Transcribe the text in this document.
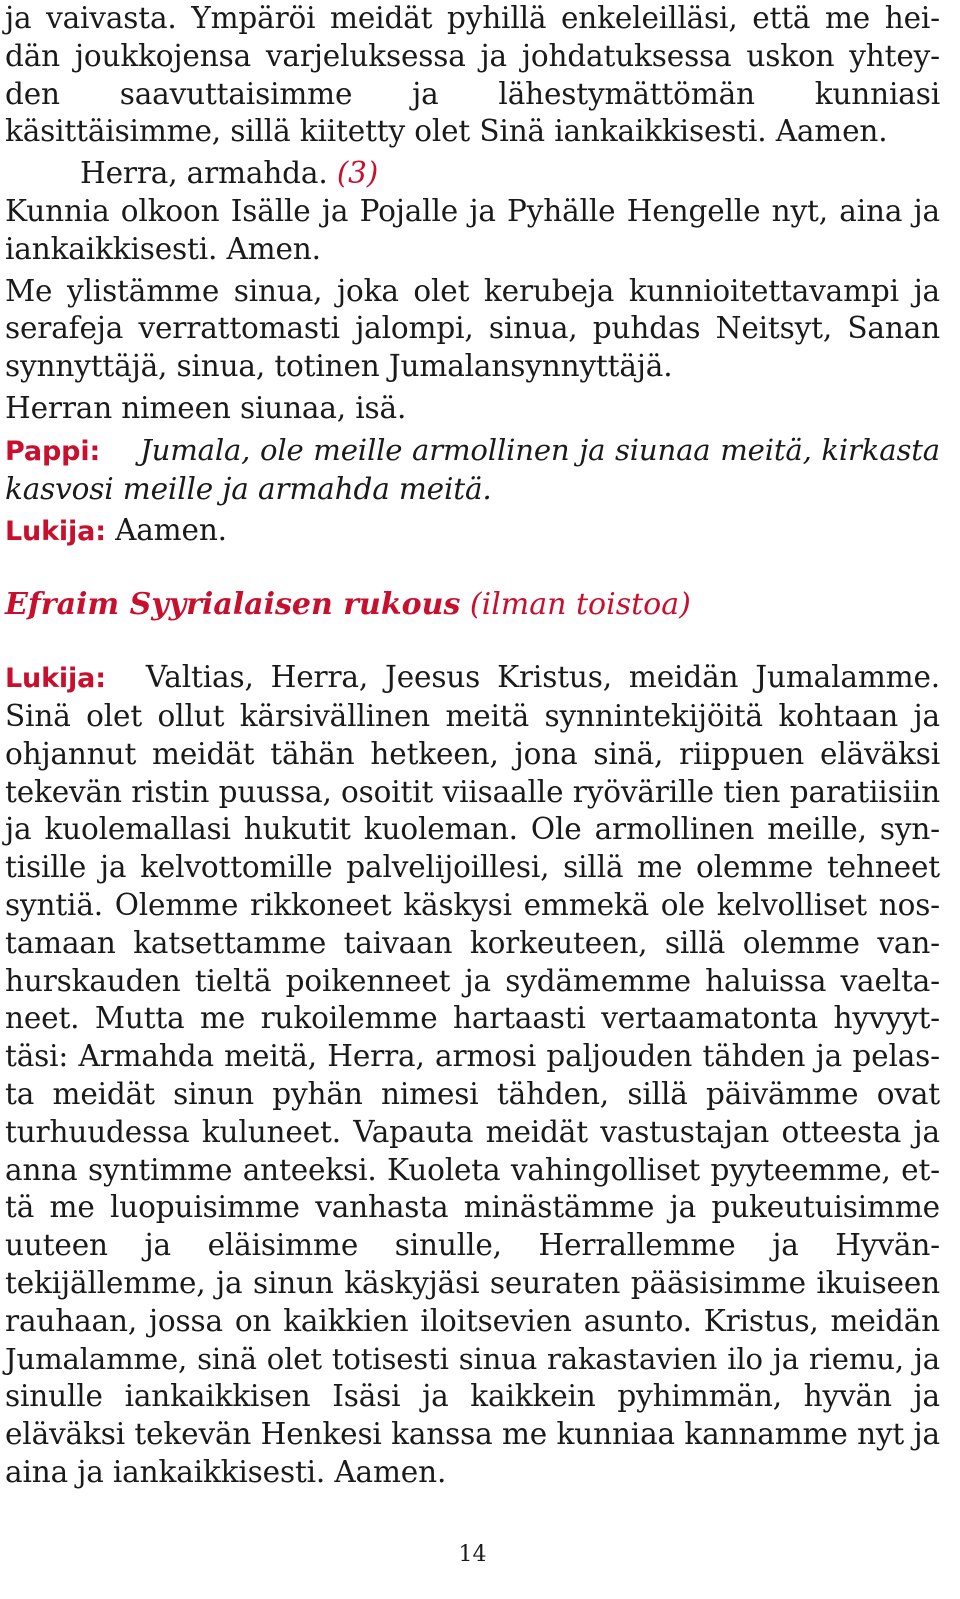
ja vaivasta. Ympäröi meidät pyhillä enkeleilläsi, että me hei-
dän joukkojensa varjeluksessa ja johdatuksessa uskon yhtey-
den saavuttaisimme ja lähestymättömän kunniasi
käsittäisimme, sillä kiitetty olet Sinä iankaikkisesti. Aamen.
Herra, armahda. (3)
Kunnia olkoon Isälle ja Pojalle ja Pyhälle Hengelle nyt, aina ja
iankaikkisesti. Amen.
Me ylistämme sinua, joka olet kerubeja kunnioitettavampi ja
serafeja verrattomasti jalompi, sinua, puhdas Neitsyt, Sanan
synnyttäjä, sinua, totinen Jumalansynnyttäjä.
Herran nimeen siunaa, isä.
Pappi: Jumala, ole meille armollinen ja siunaa meitä, kirkasta
kasvosi meille ja armahda meitä.
Lukija: Aamen.
Efraim Syyrialaisen rukous (ilman toistoa)
Lukija: Valtias, Herra, Jeesus Kristus, meidän Jumalamme.
Sinä olet ollut kärsivällinen meitä synnintekijöitä kohtaan ja
ohjannut meidät tähän hetkeen, jona sinä, riippuen eläväksi
tekevän ristin puussa, osoitit viisaalle ryövärille tien paratiisiin
ja kuolemallasi hukutit kuoleman. Ole armollinen meille, syn-
tisille ja kelvottomille palvelijoillesi, sillä me olemme tehneet
syntiä. Olemme rikkoneet käskysi emmekä ole kelvolliset nos-
tamaan katsettamme taivaan korkeuteen, sillä olemme van-
hurskauden tieltä poikenneet ja sydämemme haluissa vaelta-
neet. Mutta me rukoilemme hartaasti vertaamatonta hyvyyt-
täsi: Armahda meitä, Herra, armosi paljouden tähden ja pelas-
ta meidät sinun pyhän nimesi tähden, sillä päivämme ovat
turhuudessa kuluneet. Vapauta meidät vastustajan otteesta ja
anna syntimme anteeksi. Kuoleta vahingolliset pyyteemme, et-
tä me luopuisimme vanhasta minästämme ja pukeutuisimme
uuteen ja eläisimme sinulle, Herrallemme ja Hyvän-
tekijällemme, ja sinun käskyjäsi seuraten pääsisimme ikuiseen
rauhaan, jossa on kaikkien iloitsevien asunto. Kristus, meidän
Jumalamme, sinä olet totisesti sinua rakastavien ilo ja riemu, ja
sinulle iankaikkisen Isäsi ja kaikkein pyhimmän, hyvän ja
eläväksi tekevän Henkesi kanssa me kunniaa kannamme nyt ja
aina ja iankaikkisesti. Aamen.
14
